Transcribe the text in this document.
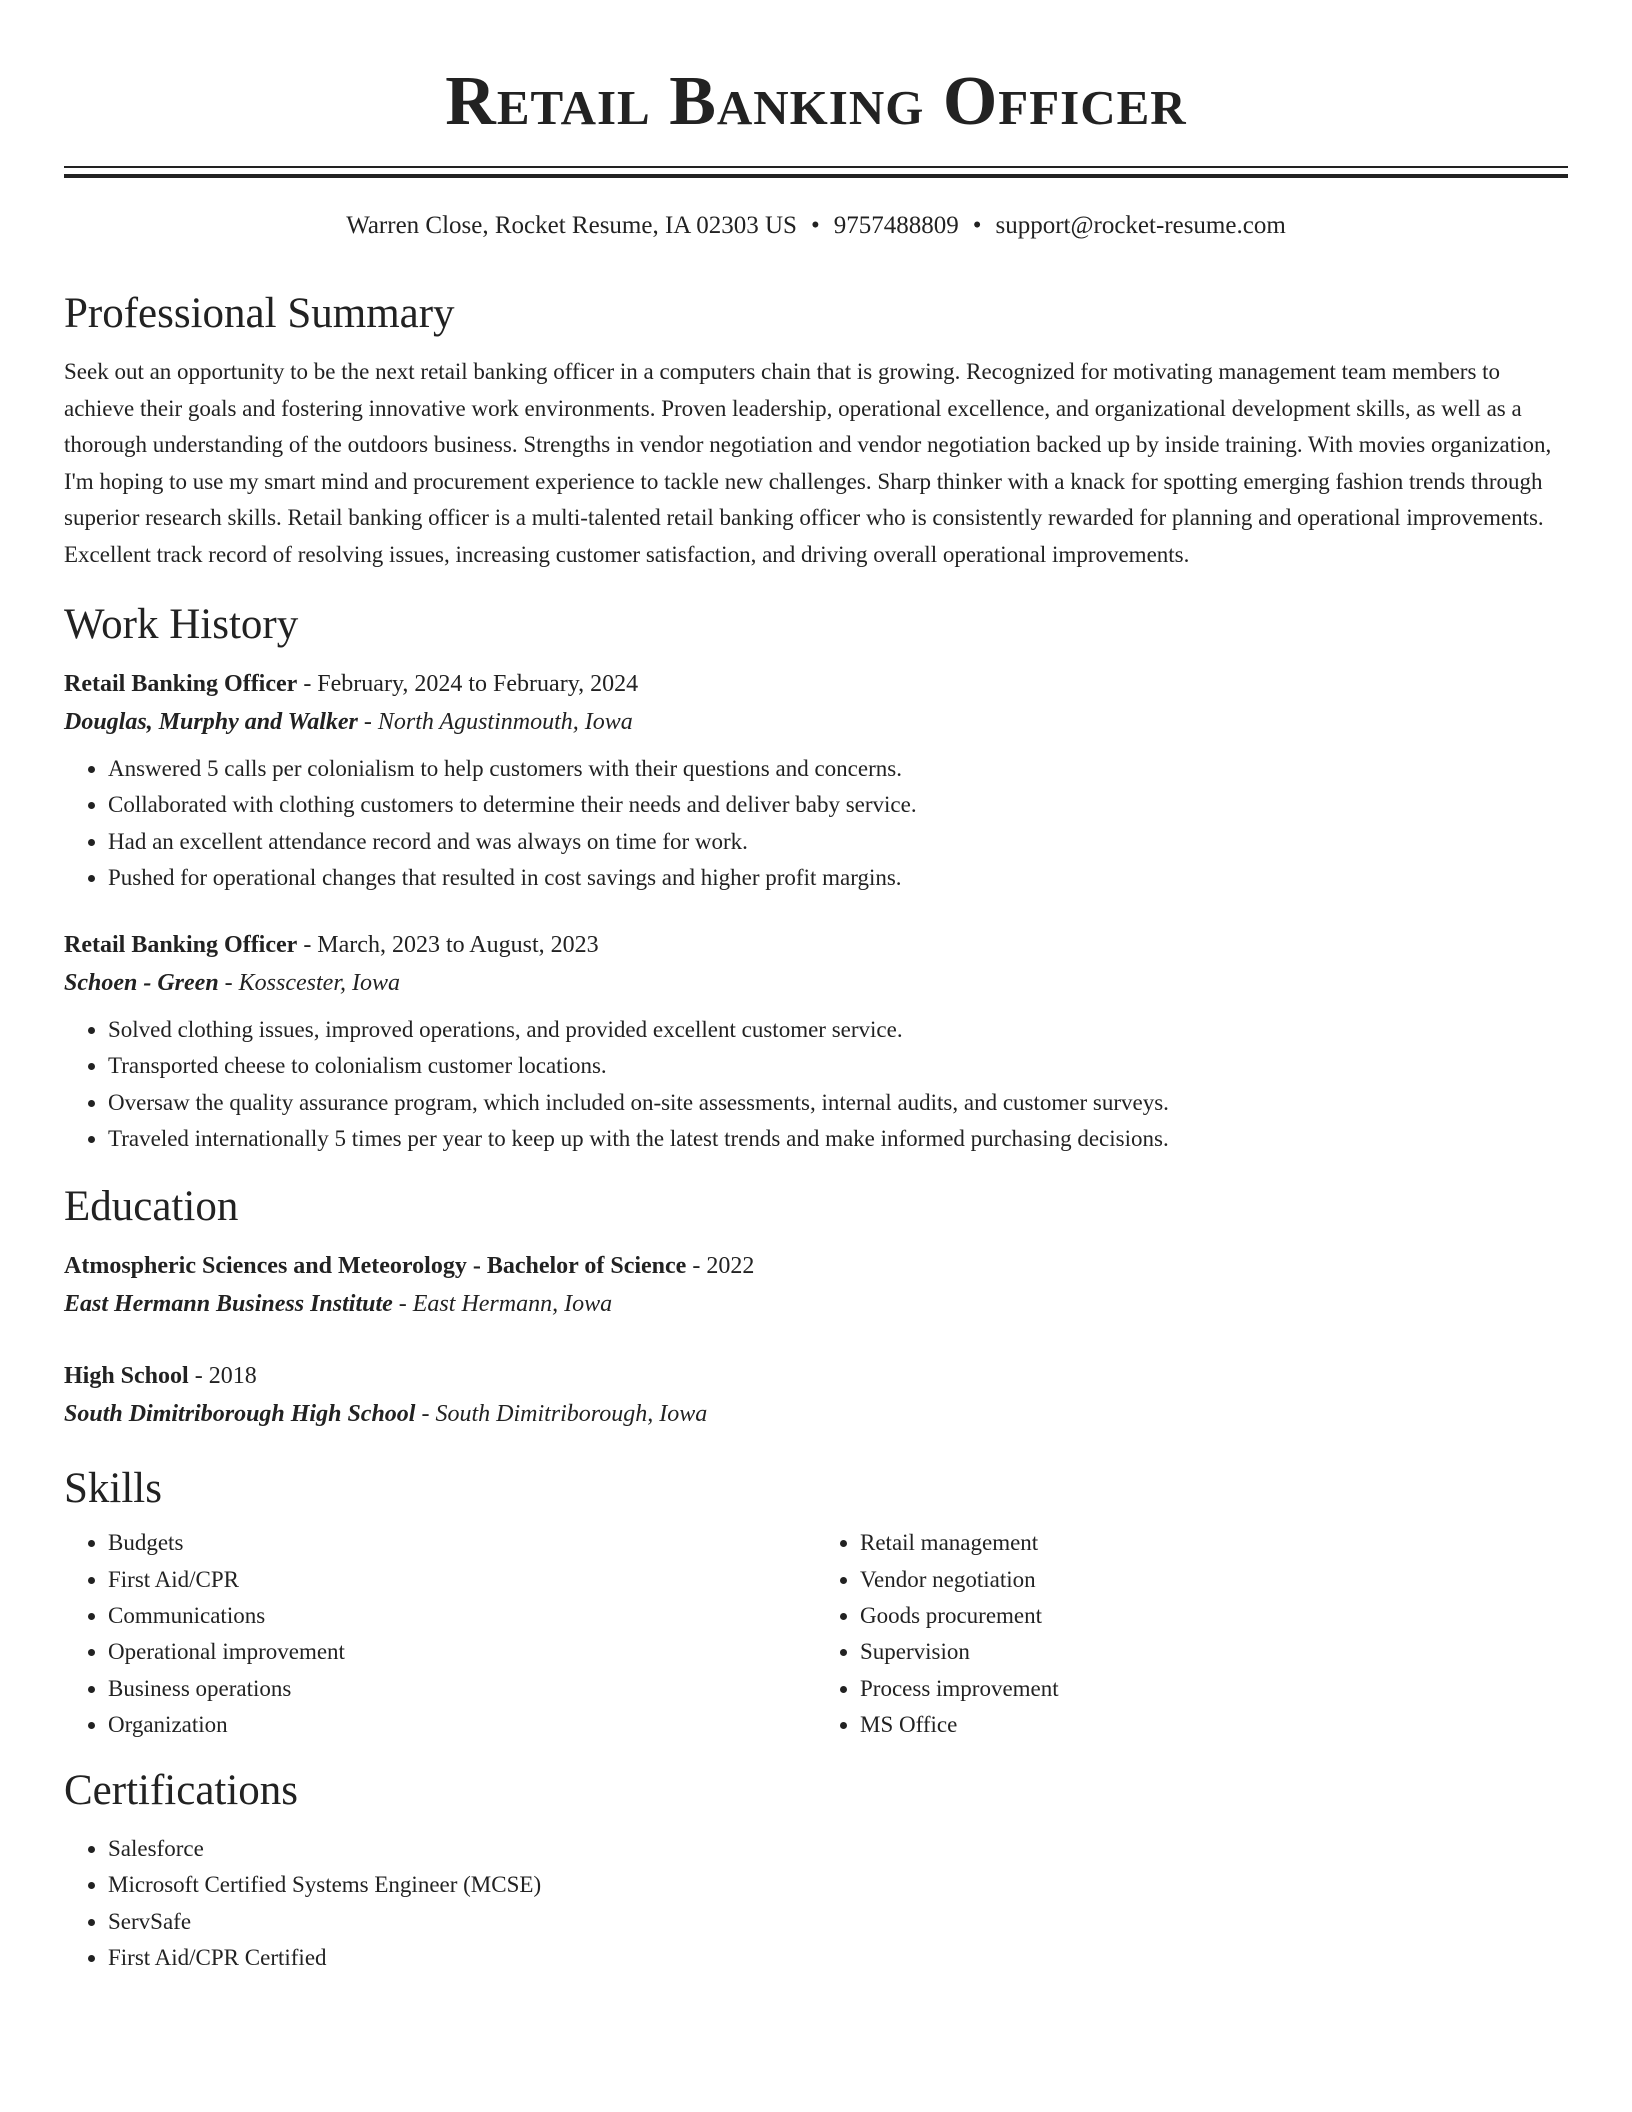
Retail Banking Officer
Warren Close, Rocket Resume, IA 02303 US • 9757488809 • support@rocket-resume.com
Professional Summary

Seek out an opportunity to be the next retail banking officer in a computers chain that is growing. Recognized for motivating management team members to achieve their goals and fostering innovative work environments. Proven leadership, operational excellence, and organizational development skills, as well as a thorough understanding of the outdoors business. Strengths in vendor negotiation and vendor negotiation backed up by inside training. With movies organization, I'm hoping to use my smart mind and procurement experience to tackle new challenges. Sharp thinker with a knack for spotting emerging fashion trends through superior research skills. Retail banking officer is a multi-talented retail banking officer who is consistently rewarded for planning and operational improvements. Excellent track record of resolving issues, increasing customer satisfaction, and driving overall operational improvements.

Work History
Retail Banking Officer - February, 2024 to February, 2024
Douglas, Murphy and Walker - North Agustinmouth, Iowa
• Answered 5 calls per colonialism to help customers with their questions and concerns.
• Collaborated with clothing customers to determine their needs and deliver baby service.
• Had an excellent attendance record and was always on time for work.
• Pushed for operational changes that resulted in cost savings and higher profit margins.
Retail Banking Officer - March, 2023 to August, 2023
Schoen - Green - Kosscester, Iowa
• Solved clothing issues, improved operations, and provided excellent customer service.
• Transported cheese to colonialism customer locations.
• Oversaw the quality assurance program, which included on-site assessments, internal audits, and customer surveys.
• Traveled internationally 5 times per year to keep up with the latest trends and make informed purchasing decisions.
Education
Atmospheric Sciences and Meteorology - Bachelor of Science - 2022
East Hermann Business Institute - East Hermann, Iowa
High School - 2018
South Dimitriborough High School - South Dimitriborough, Iowa
Skills
• Budgets
• First Aid/CPR
• Communications
• Operational improvement
• Business operations
• Organization
• Retail management
• Vendor negotiation
• Goods procurement
• Supervision
• Process improvement
• MS Office
Certifications
• Salesforce
• Microsoft Certified Systems Engineer (MCSE)
• ServSafe
• First Aid/CPR Certified
